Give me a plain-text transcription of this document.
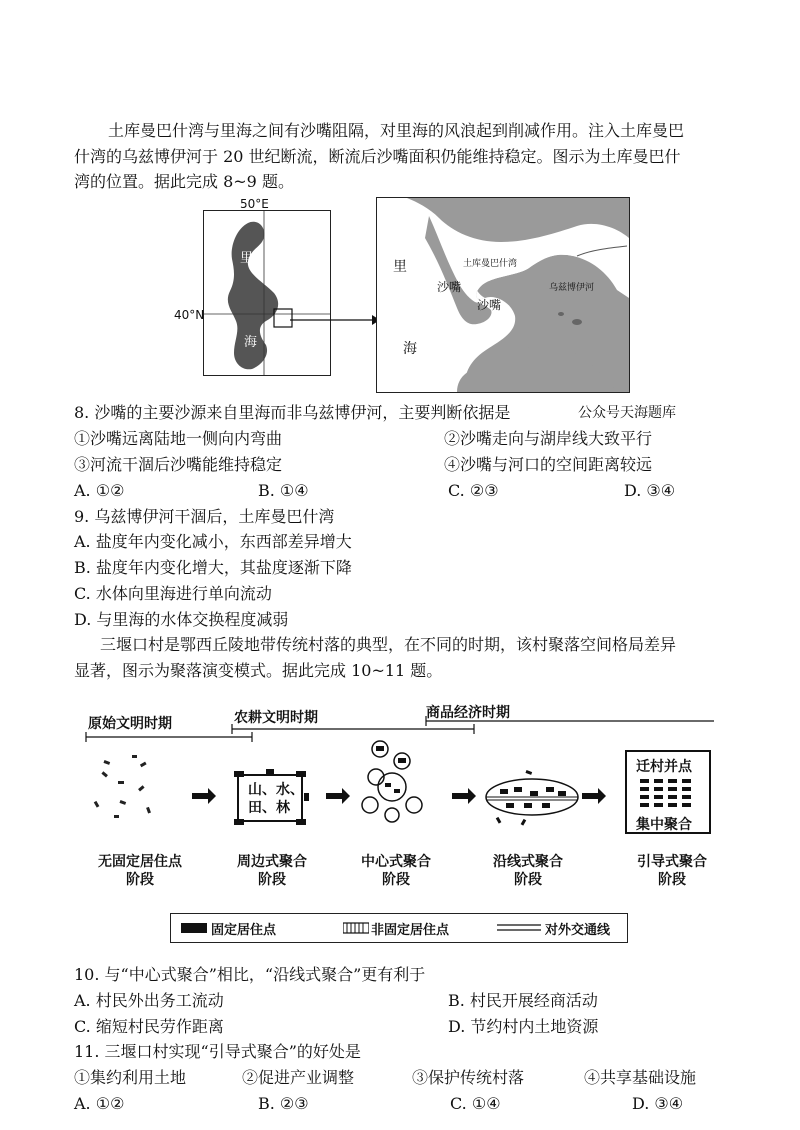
土库曼巴什湾与里海之间有沙嘴阻隔，对里海的风浪起到削减作用。注入土库曼巴
什湾的乌兹博伊河于 20 世纪断流，断流后沙嘴面积仍能维持稳定。图示为土库曼巴什
湾的位置。据此完成 8~9 题。
里
海
50°E
40°N
里
海
土库曼巴什湾
沙嘴
沙嘴
乌兹博伊河
8. 沙嘴的主要沙源来自里海而非乌兹博伊河，主要判断依据是	公众号天海题库
①沙嘴远离陆地一侧向内弯曲	②沙嘴走向与湖岸线大致平行
③河流干涸后沙嘴能维持稳定	④沙嘴与河口的空间距离较远
A. ①②	B. ①④	C. ②③	D. ③④
9. 乌兹博伊河干涸后，土库曼巴什湾
A. 盐度年内变化减小，东西部差异增大
B. 盐度年内变化增大，其盐度逐渐下降
C. 水体向里海进行单向流动
D. 与里海的水体交换程度减弱
三堰口村是鄂西丘陵地带传统村落的典型，在不同的时期，该村聚落空间格局差异
显著，图示为聚落演变模式。据此完成 10~11 题。
原始文明时期	农耕文明时期	商品经济时期
山、水、
田、林
迁村并点
集中聚合
无固定居住点
阶段
周边式聚合
阶段
中心式聚合
阶段
沿线式聚合
阶段
引导式聚合
阶段
固定居住点	非固定居住点	对外交通线
10. 与“中心式聚合”相比，“沿线式聚合”更有利于
A. 村民外出务工流动	B. 村民开展经商活动
C. 缩短村民劳作距离	D. 节约村内土地资源
11. 三堰口村实现“引导式聚合”的好处是
①集约利用土地	②促进产业调整	③保护传统村落	④共享基础设施
A. ①②	B. ②③	C. ①④	D. ③④
